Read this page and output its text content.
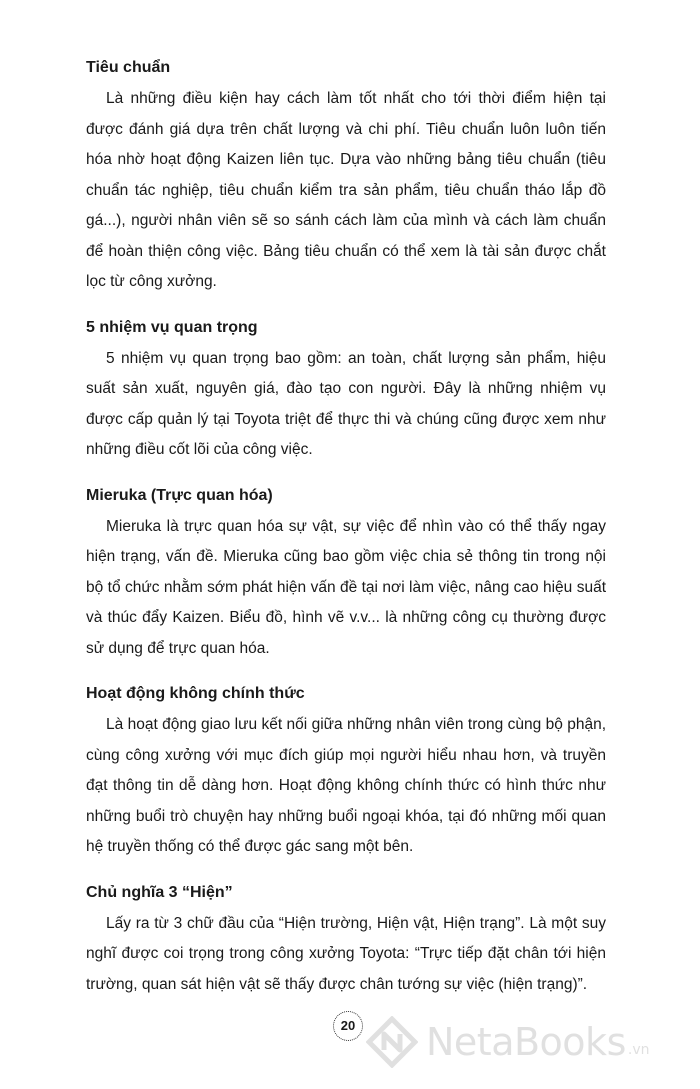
Tiêu chuẩn

Là những điều kiện hay cách làm tốt nhất cho tới thời điểm hiện tại được đánh giá dựa trên chất lượng và chi phí. Tiêu chuẩn luôn luôn tiến hóa nhờ hoạt động Kaizen liên tục. Dựa vào những bảng tiêu chuẩn (tiêu chuẩn tác nghiệp, tiêu chuẩn kiểm tra sản phẩm, tiêu chuẩn tháo lắp đồ gá...), người nhân viên sẽ so sánh cách làm của mình và cách làm chuẩn để hoàn thiện công việc. Bảng tiêu chuẩn có thể xem là tài sản được chắt lọc từ công xưởng.

5 nhiệm vụ quan trọng

5 nhiệm vụ quan trọng bao gồm: an toàn, chất lượng sản phẩm, hiệu suất sản xuất, nguyên giá, đào tạo con người. Đây là những nhiệm vụ được cấp quản lý tại Toyota triệt để thực thi và chúng cũng được xem như những điều cốt lõi của công việc.

Mieruka (Trực quan hóa)

Mieruka là trực quan hóa sự vật, sự việc để nhìn vào có thể thấy ngay hiện trạng, vấn đề. Mieruka cũng bao gồm việc chia sẻ thông tin trong nội bộ tổ chức nhằm sớm phát hiện vấn đề tại nơi làm việc, nâng cao hiệu suất và thúc đẩy Kaizen. Biểu đồ, hình vẽ v.v... là những công cụ thường được sử dụng để trực quan hóa.

Hoạt động không chính thức

Là hoạt động giao lưu kết nối giữa những nhân viên trong cùng bộ phận, cùng công xưởng với mục đích giúp mọi người hiểu nhau hơn, và truyền đạt thông tin dễ dàng hơn. Hoạt động không chính thức có hình thức như những buổi trò chuyện hay những buổi ngoại khóa, tại đó những mối quan hệ truyền thống có thể được gác sang một bên.

Chủ nghĩa 3 “Hiện”

Lấy ra từ 3 chữ đầu của “Hiện trường, Hiện vật, Hiện trạng”. Là một suy nghĩ được coi trọng trong công xưởng Toyota: “Trực tiếp đặt chân tới hiện trường, quan sát hiện vật sẽ thấy được chân tướng sự việc (hiện trạng)”.

20 NetaBooks .vn
